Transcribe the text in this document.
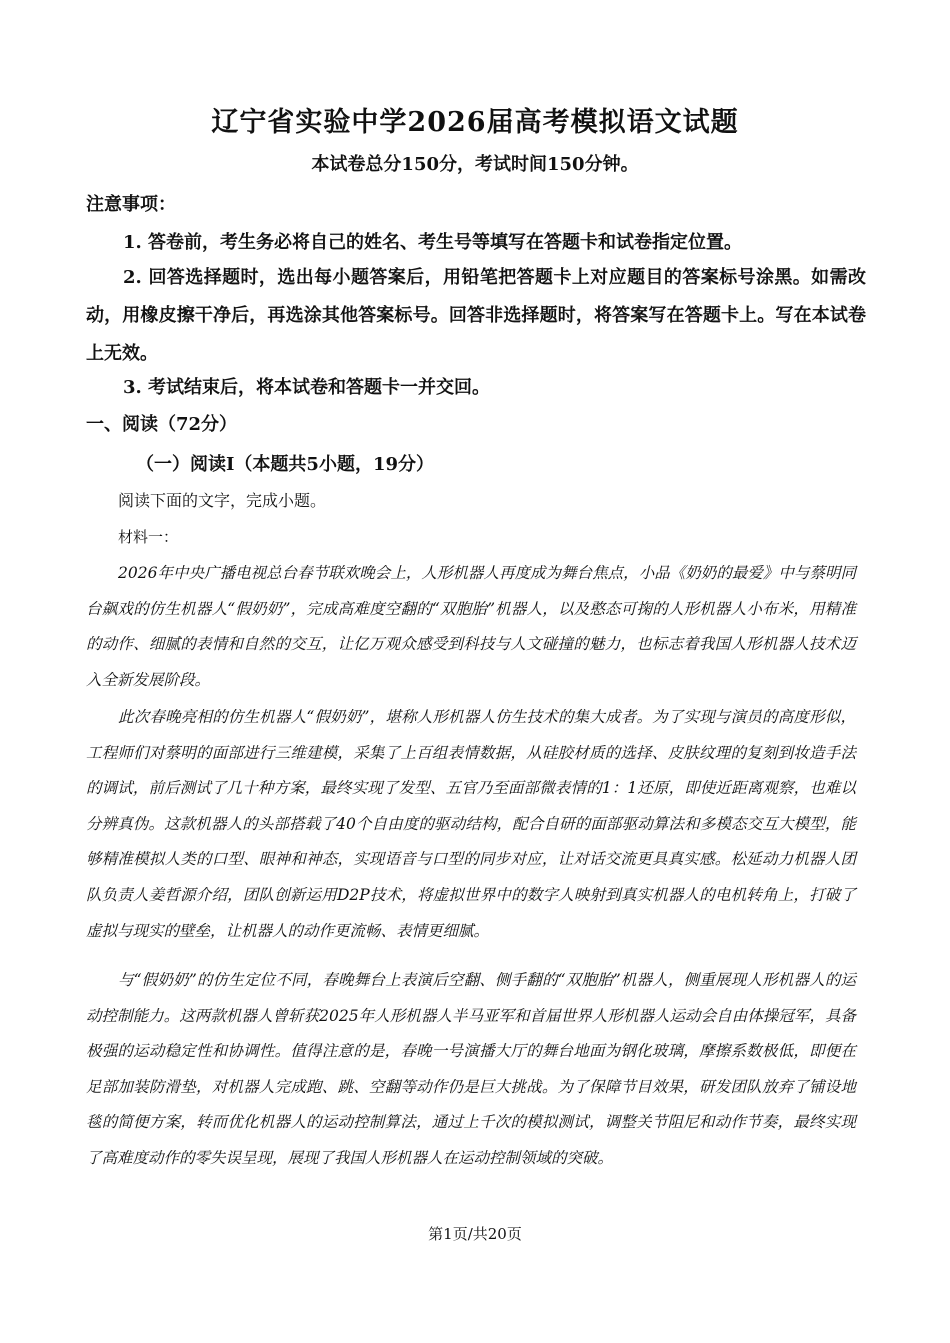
辽宁省实验中学2026届高考模拟语文试题
本试卷总分150分，考试时间150分钟。
注意事项：
1. 答卷前，考生务必将自己的姓名、考生号等填写在答题卡和试卷指定位置。
2. 回答选择题时，选出每小题答案后，用铅笔把答题卡上对应题目的答案标号涂黑。如需改动，用橡皮擦干净后，再选涂其他答案标号。回答非选择题时，将答案写在答题卡上。写在本试卷上无效。
3. 考试结束后，将本试卷和答题卡一并交回。
一、阅读（72分）
（一）阅读Ⅰ（本题共5小题，19分）
阅读下面的文字，完成小题。
材料一：
2026年中央广播电视总台春节联欢晚会上，人形机器人再度成为舞台焦点，小品《奶奶的最爱》中与蔡明同台飙戏的仿生机器人“假奶奶”，完成高难度空翻的“双胞胎”机器人，以及憨态可掬的人形机器人小布米，用精准的动作、细腻的表情和自然的交互，让亿万观众感受到科技与人文碰撞的魅力，也标志着我国人形机器人技术迈入全新发展阶段。
此次春晚亮相的仿生机器人“假奶奶”，堪称人形机器人仿生技术的集大成者。为了实现与演员的高度形似，工程师们对蔡明的面部进行三维建模，采集了上百组表情数据，从硅胶材质的选择、皮肤纹理的复刻到妆造手法的调试，前后测试了几十种方案，最终实现了发型、五官乃至面部微表情的1：1还原，即使近距离观察，也难以分辨真伪。这款机器人的头部搭载了40个自由度的驱动结构，配合自研的面部驱动算法和多模态交互大模型，能够精准模拟人类的口型、眼神和神态，实现语音与口型的同步对应，让对话交流更具真实感。松延动力机器人团队负责人姜哲源介绍，团队创新运用D2P技术，将虚拟世界中的数字人映射到真实机器人的电机转角上，打破了虚拟与现实的壁垒，让机器人的动作更流畅、表情更细腻。
与“假奶奶”的仿生定位不同，春晚舞台上表演后空翻、侧手翻的“双胞胎”机器人，侧重展现人形机器人的运动控制能力。这两款机器人曾斩获2025年人形机器人半马亚军和首届世界人形机器人运动会自由体操冠军，具备极强的运动稳定性和协调性。值得注意的是，春晚一号演播大厅的舞台地面为钢化玻璃，摩擦系数极低，即便在足部加装防滑垫，对机器人完成跑、跳、空翻等动作仍是巨大挑战。为了保障节目效果，研发团队放弃了铺设地毯的简便方案，转而优化机器人的运动控制算法，通过上千次的模拟测试，调整关节阻尼和动作节奏，最终实现了高难度动作的零失误呈现，展现了我国人形机器人在运动控制领域的突破。
第1页/共20页
